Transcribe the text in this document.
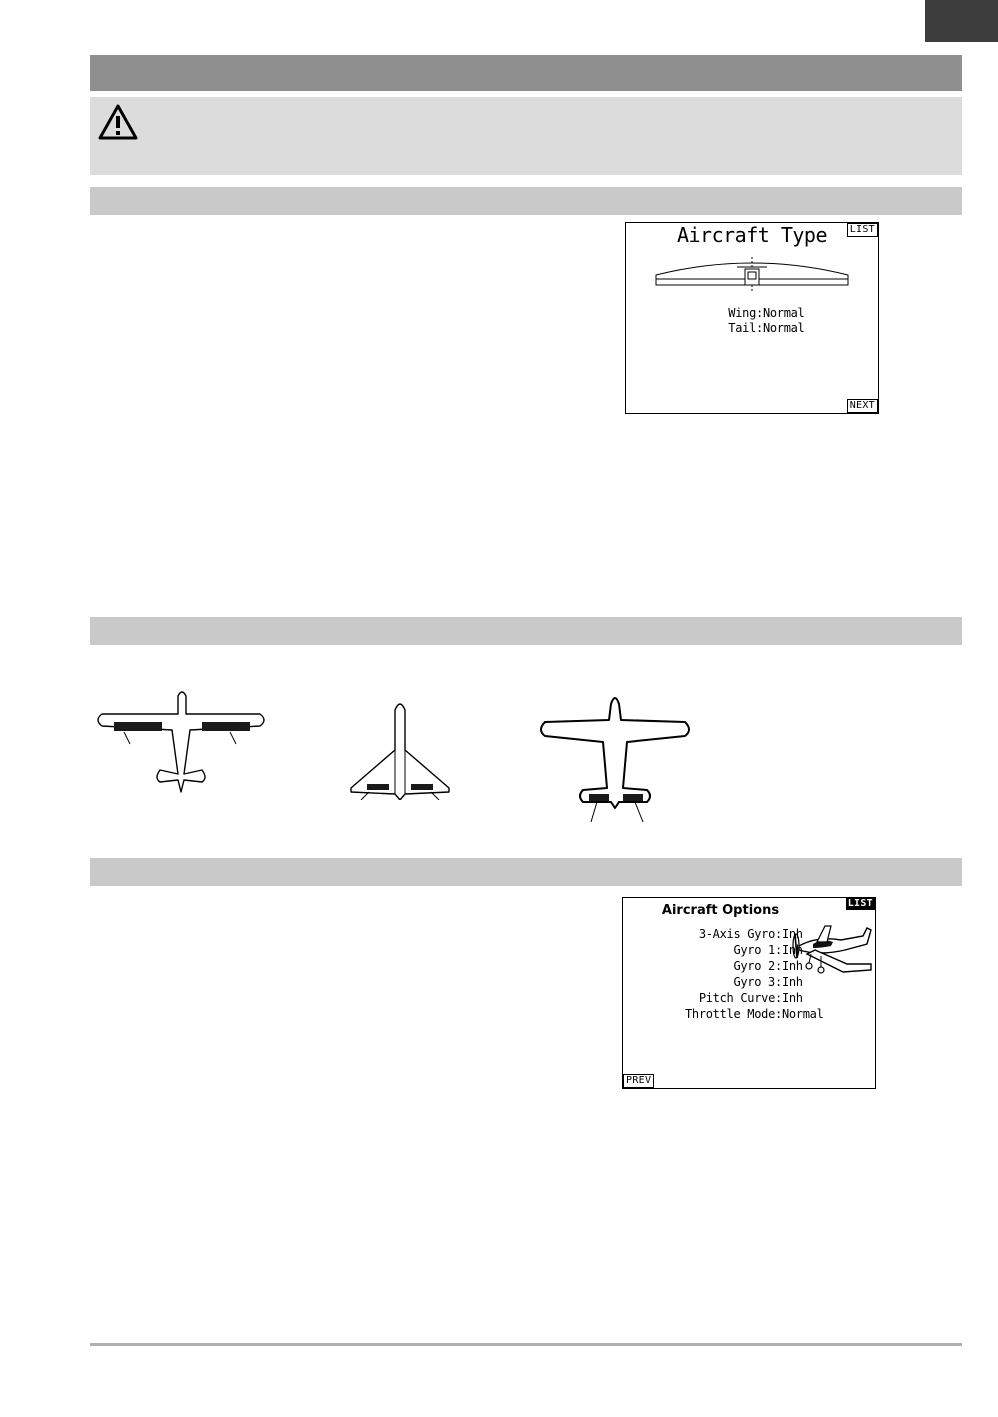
Aircraft Type	LIST
Wing:Normal
Tail:Normal
NEXT
Aircraft Options	LIST
3-Axis Gyro:Inh
Gyro 1:Inh
Gyro 2:Inh
Gyro 3:Inh
Pitch Curve:Inh
Throttle Mode:Normal
PREV
